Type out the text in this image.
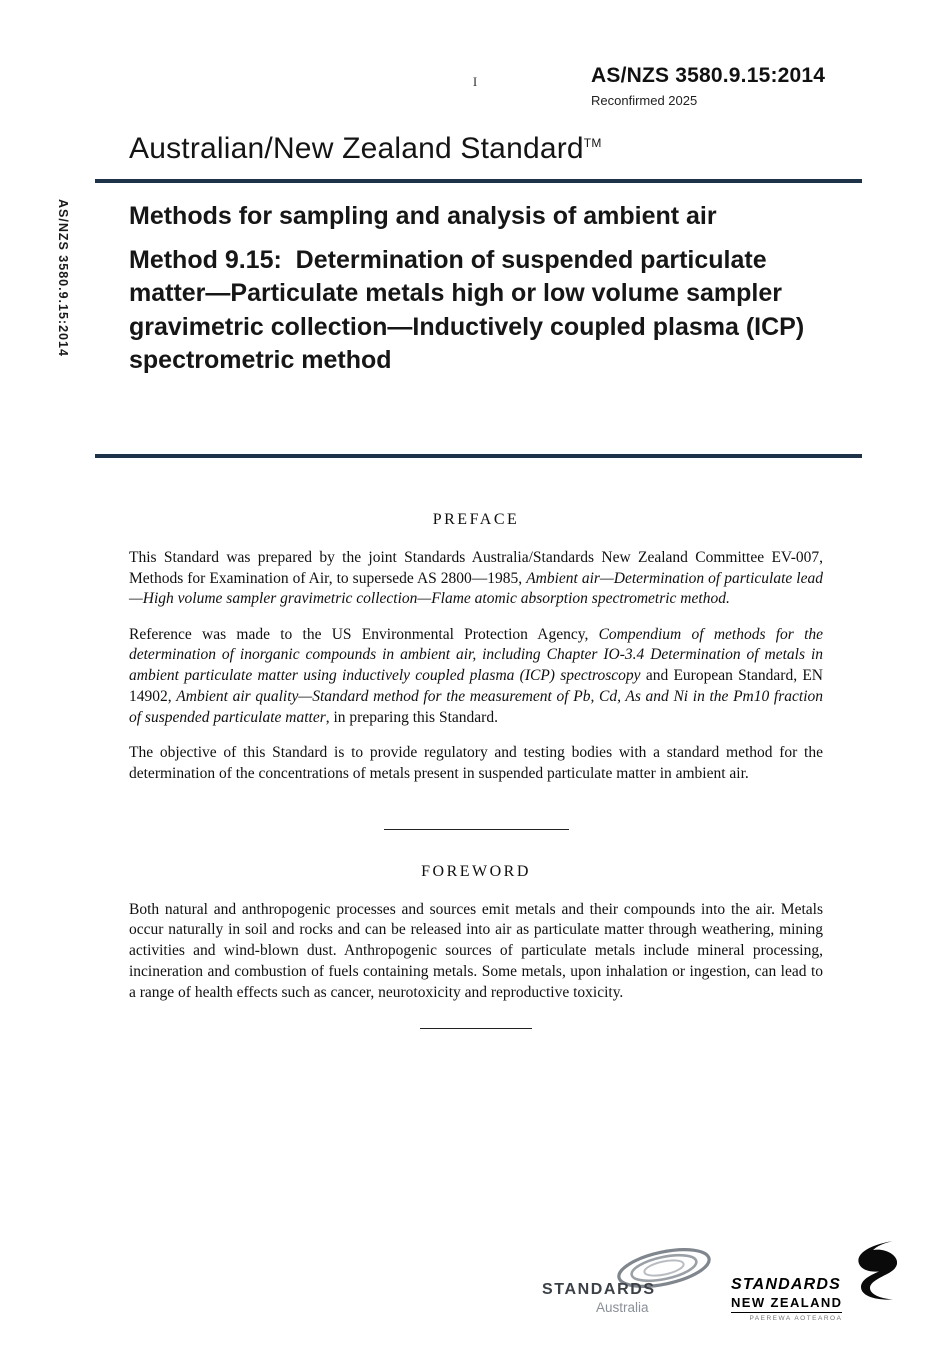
I	AS/NZS 3580.9.15:2014
Reconfirmed 2025
Australian/New Zealand Standard™
AS/NZS 3580.9.15:2014 Methods for sampling and analysis of ambient air
Method 9.15:  Determination of suspended particulate matter—Particulate metals high or low volume sampler gravimetric collection—Inductively coupled plasma (ICP) spectrometric method
PREFACE

This Standard was prepared by the joint Standards Australia/Standards New Zealand Committee EV-007, Methods for Examination of Air, to supersede AS 2800—1985, Ambient air—Determination of particulate lead—High volume sampler gravimetric collection—Flame atomic absorption spectrometric method.

Reference was made to the US Environmental Protection Agency, Compendium of methods for the determination of inorganic compounds in ambient air, including Chapter IO-3.4 Determination of metals in ambient particulate matter using inductively coupled plasma (ICP) spectroscopy and European Standard, EN 14902, Ambient air quality—Standard method for the measurement of Pb, Cd, As and Ni in the Pm10 fraction of suspended particulate matter, in preparing this Standard.

The objective of this Standard is to provide regulatory and testing bodies with a standard method for the determination of the concentrations of metals present in suspended particulate matter in ambient air.

FOREWORD

Both natural and anthropogenic processes and sources emit metals and their compounds into the air. Metals occur naturally in soil and rocks and can be released into air as particulate matter through weathering, mining activities and wind-blown dust. Anthropogenic sources of particulate metals include mineral processing, incineration and combustion of fuels containing metals. Some metals, upon inhalation or ingestion, can lead to a range of health effects such as cancer, neurotoxicity and reproductive toxicity.

STANDARDS
Australia
STANDARDS
NEW ZEALAND
PAEREWA AOTEAROA
